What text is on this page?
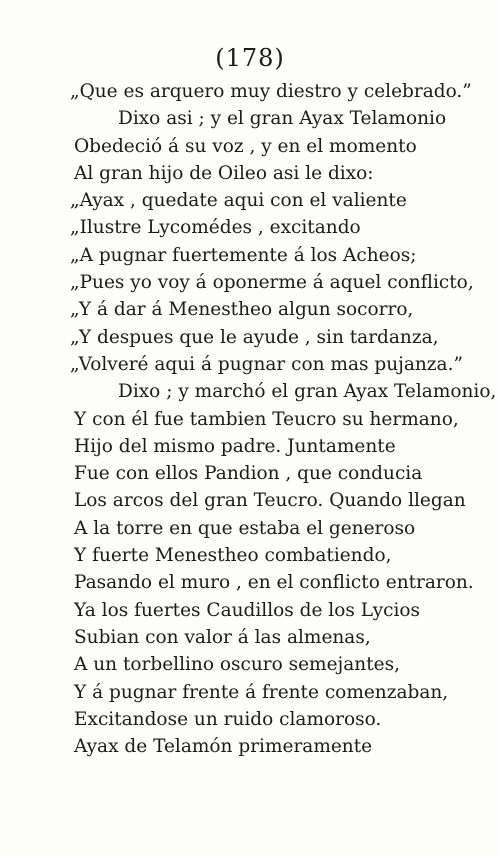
(178)
„Que es arquero muy diestro y celebrado.”
Dixo asi ; y el gran Ayax Telamonio
Obedeció á su voz , y en el momento
Al gran hijo de Oileo asi le dixo:
„Ayax , quedate aqui con el valiente
„Ilustre Lycomédes , excitando
„A pugnar fuertemente á los Acheos;
„Pues yo voy á oponerme á aquel conflicto,
„Y á dar á Menestheo algun socorro,
„Y despues que le ayude , sin tardanza,
„Volveré aqui á pugnar con mas pujanza.”
Dixo ; y marchó el gran Ayax Telamonio,
Y con él fue tambien Teucro su hermano,
Hijo del mismo padre. Juntamente
Fue con ellos Pandion , que conducia
Los arcos del gran Teucro. Quando llegan
A la torre en que estaba el generoso
Y fuerte Menestheo combatiendo,
Pasando el muro , en el conflicto entraron.
Ya los fuertes Caudillos de los Lycios
Subian con valor á las almenas,
A un torbellino oscuro semejantes,
Y á pugnar frente á frente comenzaban,
Excitandose un ruido clamoroso.
Ayax de Telamón primeramente
